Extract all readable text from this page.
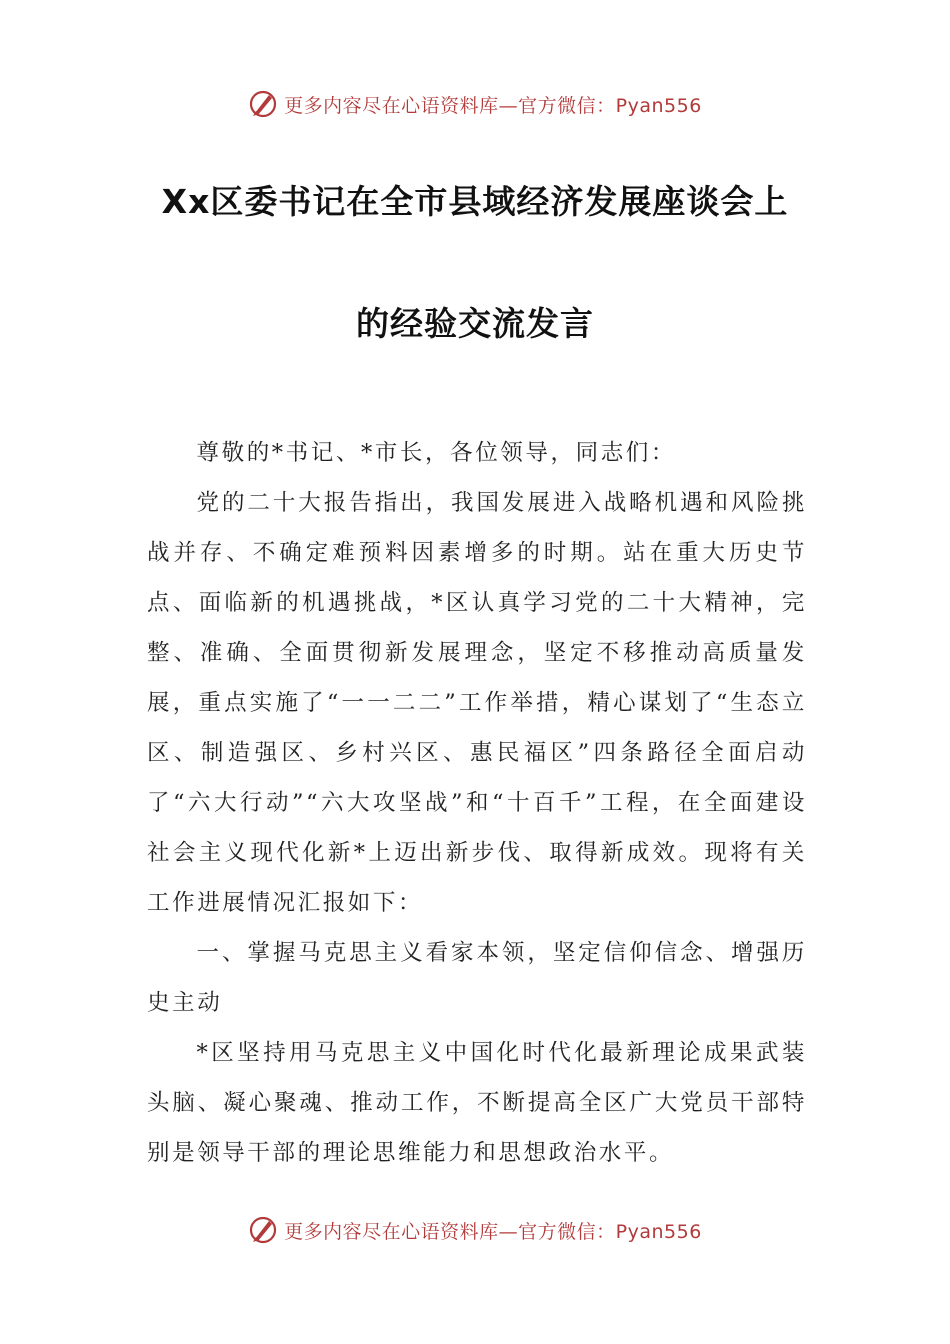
更多内容尽在心语资料库—官方微信：Pyan556
Xx区委书记在全市县域经济发展座谈会上
的经验交流发言

尊敬的*书记、*市长，各位领导，同志们：

党的二十大报告指出，我国发展进入战略机遇和风险挑战并存、不确定难预料因素增多的时期。站在重大历史节点、面临新的机遇挑战，*区认真学习党的二十大精神，完整、准确、全面贯彻新发展理念，坚定不移推动高质量发展，重点实施了“一一二二”工作举措，精心谋划了“生态立区、制造强区、乡村兴区、惠民福区”四条路径全面启动了“六大行动”“六大攻坚战”和“十百千”工程，在全面建设社会主义现代化新*上迈出新步伐、取得新成效。现将有关工作进展情况汇报如下：

一、掌握马克思主义看家本领，坚定信仰信念、增强历史主动

*区坚持用马克思主义中国化时代化最新理论成果武装头脑、凝心聚魂、推动工作，不断提高全区广大党员干部特别是领导干部的理论思维能力和思想政治水平。

更多内容尽在心语资料库—官方微信：Pyan556
